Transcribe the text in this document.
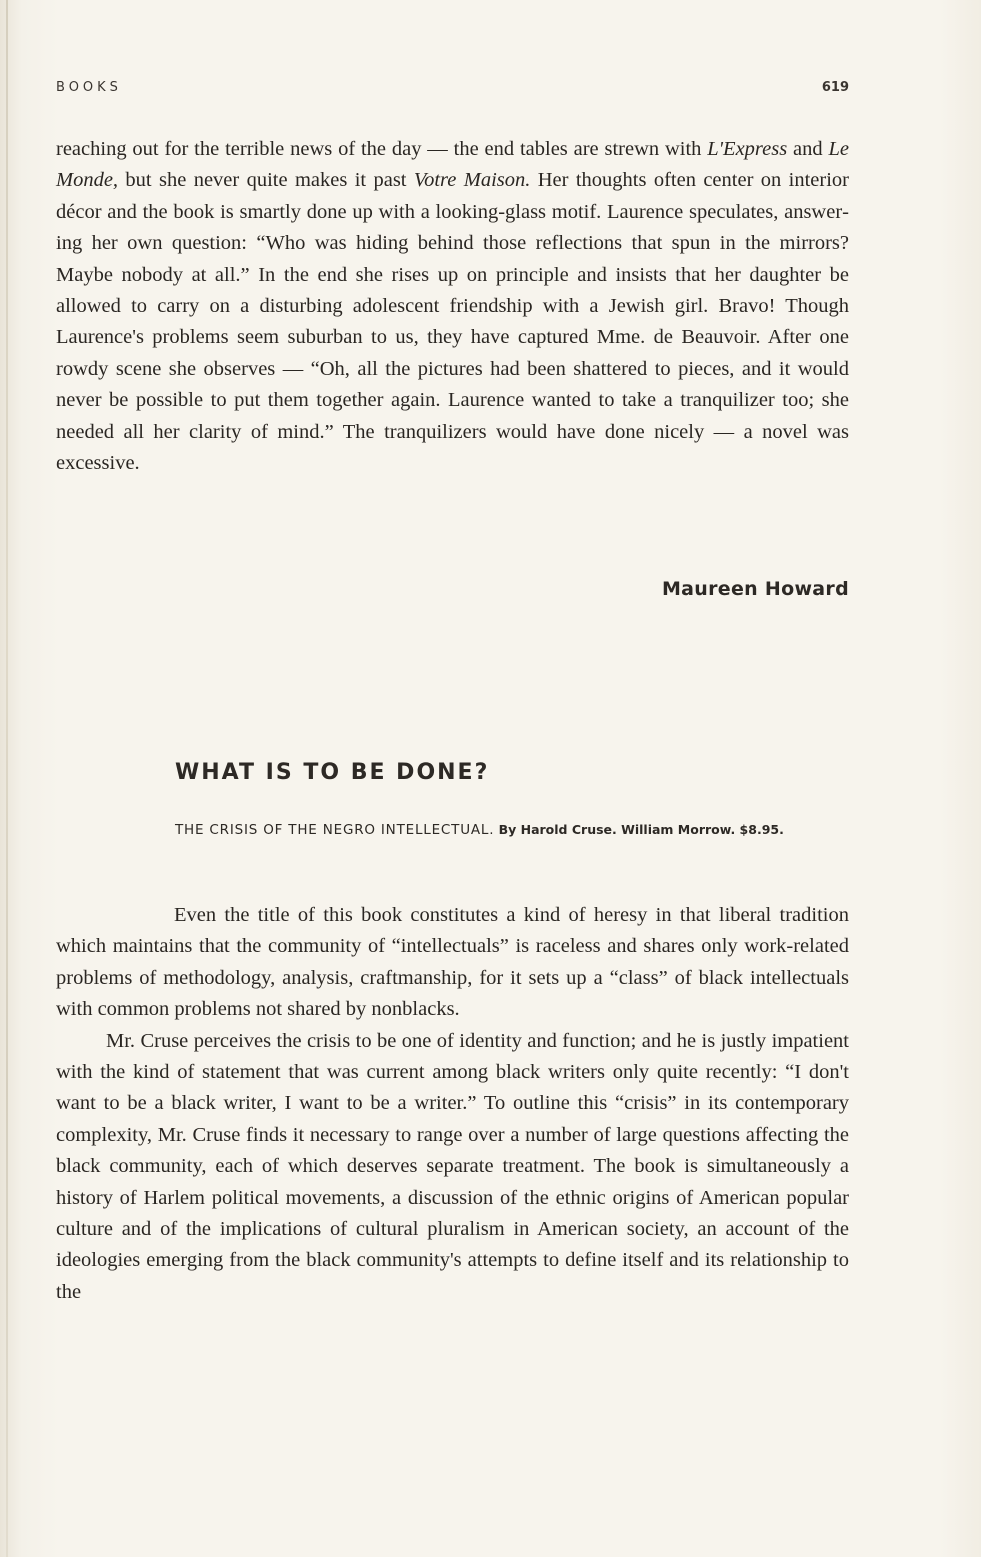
BOOKS	619

reaching out for the terrible news of the day — the end tables are strewn with L'Express and Le Monde, but she never quite makes it past Votre Maison. Her thoughts often center on interior décor and the book is smartly done up with a looking-glass motif. Laurence speculates, answering her own question: “Who was hiding behind those reflections that spun in the mirrors? Maybe nobody at all.” In the end she rises up on principle and insists that her daughter be allowed to carry on a disturbing adolescent friendship with a Jewish girl. Bravo! Though Laurence's problems seem suburban to us, they have captured Mme. de Beauvoir. After one rowdy scene she observes — “Oh, all the pictures had been shattered to pieces, and it would never be possible to put them together again. Laurence wanted to take a tranquilizer too; she needed all her clarity of mind.” The tranquilizers would have done nicely — a novel was excessive.

Maureen Howard
WHAT IS TO BE DONE?
THE CRISIS OF THE NEGRO INTELLECTUAL. By Harold Cruse. William Morrow. $8.95.

Even the title of this book constitutes a kind of heresy in that liberal tradition which maintains that the community of “intellectuals” is raceless and shares only work-related problems of methodology, analysis, craftmanship, for it sets up a “class” of black intellectuals with common problems not shared by nonblacks.

Mr. Cruse perceives the crisis to be one of identity and function; and he is justly impatient with the kind of statement that was current among black writers only quite recently: “I don't want to be a black writer, I want to be a writer.” To outline this “crisis” in its contemporary complexity, Mr. Cruse finds it necessary to range over a number of large questions affecting the black community, each of which deserves separate treatment. The book is simultaneously a history of Harlem political movements, a discussion of the ethnic origins of American popular culture and of the implications of cultural pluralism in American society, an account of the ideologies emerging from the black community's attempts to define itself and its relationship to the
